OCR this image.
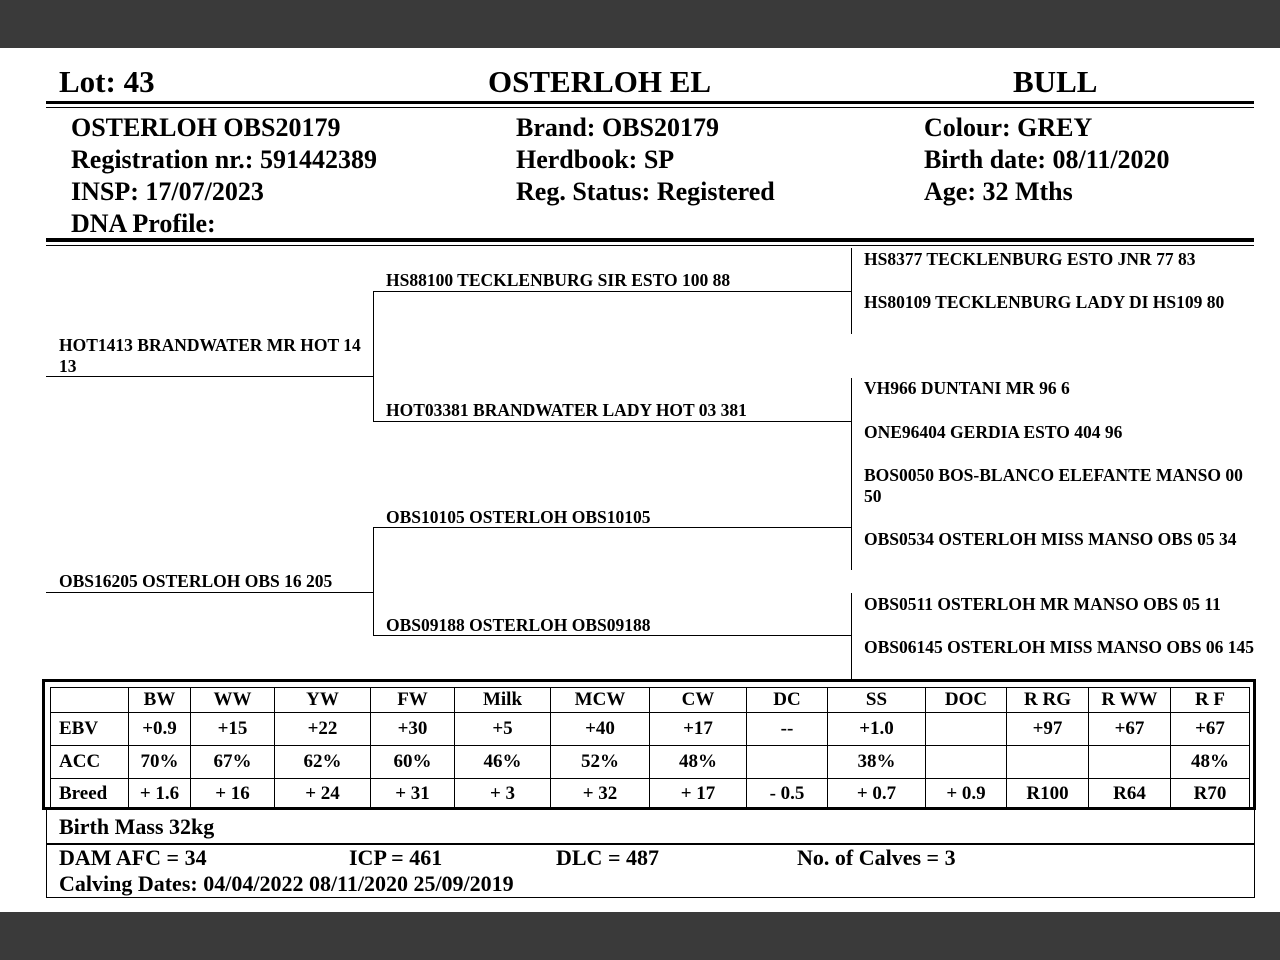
Lot: 43	OSTERLOH EL	BULL
OSTERLOH OBS20179
Registration nr.: 591442389
INSP: 17/07/2023
DNA Profile:
Brand: OBS20179
Herdbook: SP
Reg. Status: Registered
Colour: GREY
Birth date: 08/11/2020
Age: 32 Mths
HOT1413 BRANDWATER MR HOT 14 13
OBS16205 OSTERLOH OBS 16 205
HS88100 TECKLENBURG SIR ESTO 100 88
HOT03381 BRANDWATER LADY HOT 03 381
OBS10105 OSTERLOH OBS10105
OBS09188 OSTERLOH OBS09188
HS8377 TECKLENBURG ESTO JNR 77 83
HS80109 TECKLENBURG LADY DI HS109 80
VH966 DUNTANI MR 96 6
ONE96404 GERDIA ESTO 404 96
BOS0050 BOS-BLANCO ELEFANTE MANSO 00 50
OBS0534 OSTERLOH MISS MANSO OBS 05 34
OBS0511 OSTERLOH MR MANSO OBS 05 11
OBS06145 OSTERLOH MISS MANSO OBS 06 145
	BW	WW	YW	FW	Milk	MCW	CW	DC	SS	DOC	R RG	R WW	R F
EBV	+0.9	+15	+22	+30	+5	+40	+17	--	+1.0		+97	+67	+67
ACC	70%	67%	62%	60%	46%	52%	48%		38%				48%
Breed	+ 1.6	+ 16	+ 24	+ 31	+ 3	+ 32	+ 17	- 0.5	+ 0.7	+ 0.9	R100	R64	R70
Birth Mass 32kg
DAM AFC = 34	ICP = 461	DLC = 487	No. of Calves = 3
Calving Dates: 04/04/2022 08/11/2020 25/09/2019
